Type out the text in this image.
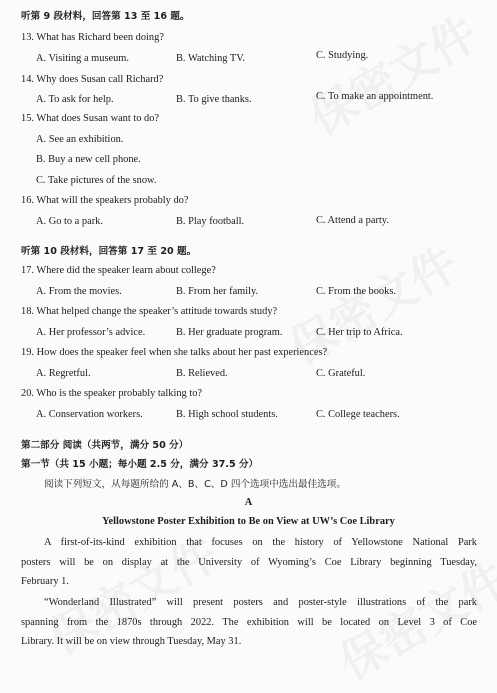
听第 9 段材料，回答第 13 至 16 题。
13. What has Richard been doing?
A. Visiting a museum.	B. Watching TV.	C. Studying.
14. Why does Susan call Richard?
A. To ask for help.	B. To give thanks.	C. To make an appointment.
15. What does Susan want to do?
A. See an exhibition.
B. Buy a new cell phone.
C. Take pictures of the snow.
16. What will the speakers probably do?
A. Go to a park.	B. Play football.	C. Attend a party.
听第 10 段材料，回答第 17 至 20 题。
17. Where did the speaker learn about college?
A. From the movies.	B. From her family.	C. From the books.
18. What helped change the speaker’s attitude towards study?
A. Her professor’s advice.	B. Her graduate program.	C. Her trip to Africa.
19. How does the speaker feel when she talks about her past experiences?
A. Regretful.	B. Relieved.	C. Grateful.
20. Who is the speaker probably talking to?
A. Conservation workers.	B. High school students.	C. College teachers.
第二部分 阅读（共两节，满分 50 分）
第一节（共 15 小题；每小题 2.5 分，满分 37.5 分）
阅读下列短文，从每题所给的 A、B、C、D 四个选项中选出最佳选项。
A
Yellowstone Poster Exhibition to Be on View at UW’s Coe Library
A first-of-its-kind exhibition that focuses on the history of Yellowstone National Park
posters will be on display at the University of Wyoming’s Coe Library beginning Tuesday,
February 1.
“Wonderland Illustrated” will present posters and poster-style illustrations of the park
spanning from the 1870s through 2022. The exhibition will be located on Level 3 of Coe
Library. It will be on view through Tuesday, May 31.
